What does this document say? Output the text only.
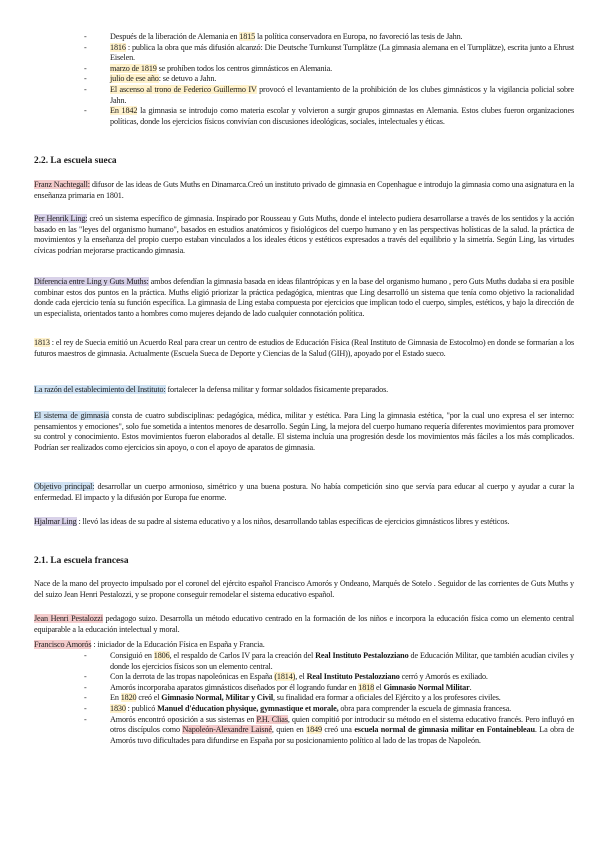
-	Después de la liberación de Alemania en 1815 la política conservadora en Europa, no favoreció las tesis de Jahn.
-	1816 : publica la obra que más difusión alcanzó: Die Deutsche Turnkunst Turnplätze (La gimnasia alemana en el Turnplätze), escrita junto a Ehrust Eiselen.
-	marzo de 1819 se prohíben todos los centros gimnásticos en Alemania.
-	julio de ese año: se detuvo a Jahn.
-	El ascenso al trono de Federico Guillermo IV provocó el levantamiento de la prohibición de los clubes gimnásticos y la vigilancia policial sobre Jahn.
-	En 1842 la gimnasia se introdujo como materia escolar y volvieron a surgir grupos gimnastas en Alemania. Estos clubes fueron organizaciones políticas, donde los ejercicios físicos convivían con discusiones ideológicas, sociales, intelectuales y éticas.
2.2. La escuela sueca

Franz Nachtegall: difusor de las ideas de Guts Muths en Dinamarca.Creó un instituto privado de gimnasia en Copenhague e introdujo la gimnasia como una asignatura en la enseñanza primaria en 1801.

Per Henrik Ling: creó un sistema específico de gimnasia. Inspirado por Rousseau y Guts Muths, donde el intelecto pudiera desarrollarse a través de los sentidos y la acción basado en las "leyes del organismo humano", basados en estudios anatómicos y fisiológicos del cuerpo humano y en las perspectivas holísticas de la salud. la práctica de movimientos y la enseñanza del propio cuerpo estaban vinculados a los ideales éticos y estéticos expresados a través del equilibrio y la simetría. Según Ling, las virtudes cívicas podrían mejorarse practicando gimnasia.

Diferencia entre Ling y Guts Muths: ambos defendían la gimnasia basada en ideas filantrópicas y en la base del organismo humano , pero Guts Muths dudaba si era posible combinar estos dos puntos en la práctica. Muths eligió priorizar la práctica pedagógica, mientras que Ling desarrolló un sistema que tenía como objetivo la racionalidad donde cada ejercicio tenía su función específica. La gimnasia de Ling estaba compuesta por ejercicios que implican todo el cuerpo, simples, estéticos, y bajo la dirección de un especialista, orientados tanto a hombres como mujeres dejando de lado cualquier connotación política.

1813 : el rey de Suecia emitió un Acuerdo Real para crear un centro de estudios de Educación Física (Real Instituto de Gimnasia de Estocolmo) en donde se formarían a los futuros maestros de gimnasia. Actualmente (Escuela Sueca de Deporte y Ciencias de la Salud (GIH)), apoyado por el Estado sueco.

La razón del establecimiento del Instituto: fortalecer la defensa militar y formar soldados físicamente preparados.

El sistema de gimnasia consta de cuatro subdisciplinas: pedagógica, médica, militar y estética. Para Ling la gimnasia estética, "por la cual uno expresa el ser interno: pensamientos y emociones", solo fue sometida a intentos menores de desarrollo. Según Ling, la mejora del cuerpo humano requería diferentes movimientos para promover su control y conocimiento. Estos movimientos fueron elaborados al detalle. El sistema incluía una progresión desde los movimientos más fáciles a los más complicados. Podrían ser realizados como ejercicios sin apoyo, o con el apoyo de aparatos de gimnasia.

Objetivo principal: desarrollar un cuerpo armonioso, simétrico y una buena postura. No había competición sino que servía para educar al cuerpo y ayudar a curar la enfermedad. El impacto y la difusión por Europa fue enorme.

Hjalmar Ling : llevó las ideas de su padre al sistema educativo y a los niños, desarrollando tablas específicas de ejercicios gimnásticos libres y estéticos.

2.1. La escuela francesa

Nace de la mano del proyecto impulsado por el coronel del ejército español Francisco Amorós y Ondeano, Marqués de Sotelo . Seguidor de las corrientes de Guts Muths y del suizo Jean Henri Pestalozzi, y se propone conseguir remodelar el sistema educativo español.

Jean Henri Pestalozzi pedagogo suizo. Desarrolla un método educativo centrado en la formación de los niños e incorpora la educación física como un elemento central equiparable a la educación intelectual y moral.

Francisco Amorós : iniciador de la Educación Física en España y Francia.

-	Consiguió en 1806, el respaldo de Carlos IV para la creación del Real Instituto Pestalozziano de Educación Militar, que también acudían civiles y donde los ejercicios físicos son un elemento central.
-	Con la derrota de las tropas napoleónicas en España (1814), el Real Instituto Pestalozziano cerró y Amorós es exiliado.
-	Amorós incorporaba aparatos gimnásticos diseñados por él logrando fundar en 1818 el Gimnasio Normal Militar.
-	En 1820 creó el Gimnasio Normal, Militar y Civil, su finalidad era formar a oficiales del Ejército y a los profesores civiles.
-	1830 : publicó Manuel d'éducation physique, gymnastique et morale, obra para comprender la escuela de gimnasia francesa.
-	Amorós encontró oposición a sus sistemas en P.H. Clias, quien compitió por introducir su método en el sistema educativo francés. Pero influyó en otros discípulos como Napoleón-Alexandre Laisné, quien en 1849 creó una escuela normal de gimnasia militar en Fontainebleau. La obra de Amorós tuvo dificultades para difundirse en España por su posicionamiento político al lado de las tropas de Napoleón.
